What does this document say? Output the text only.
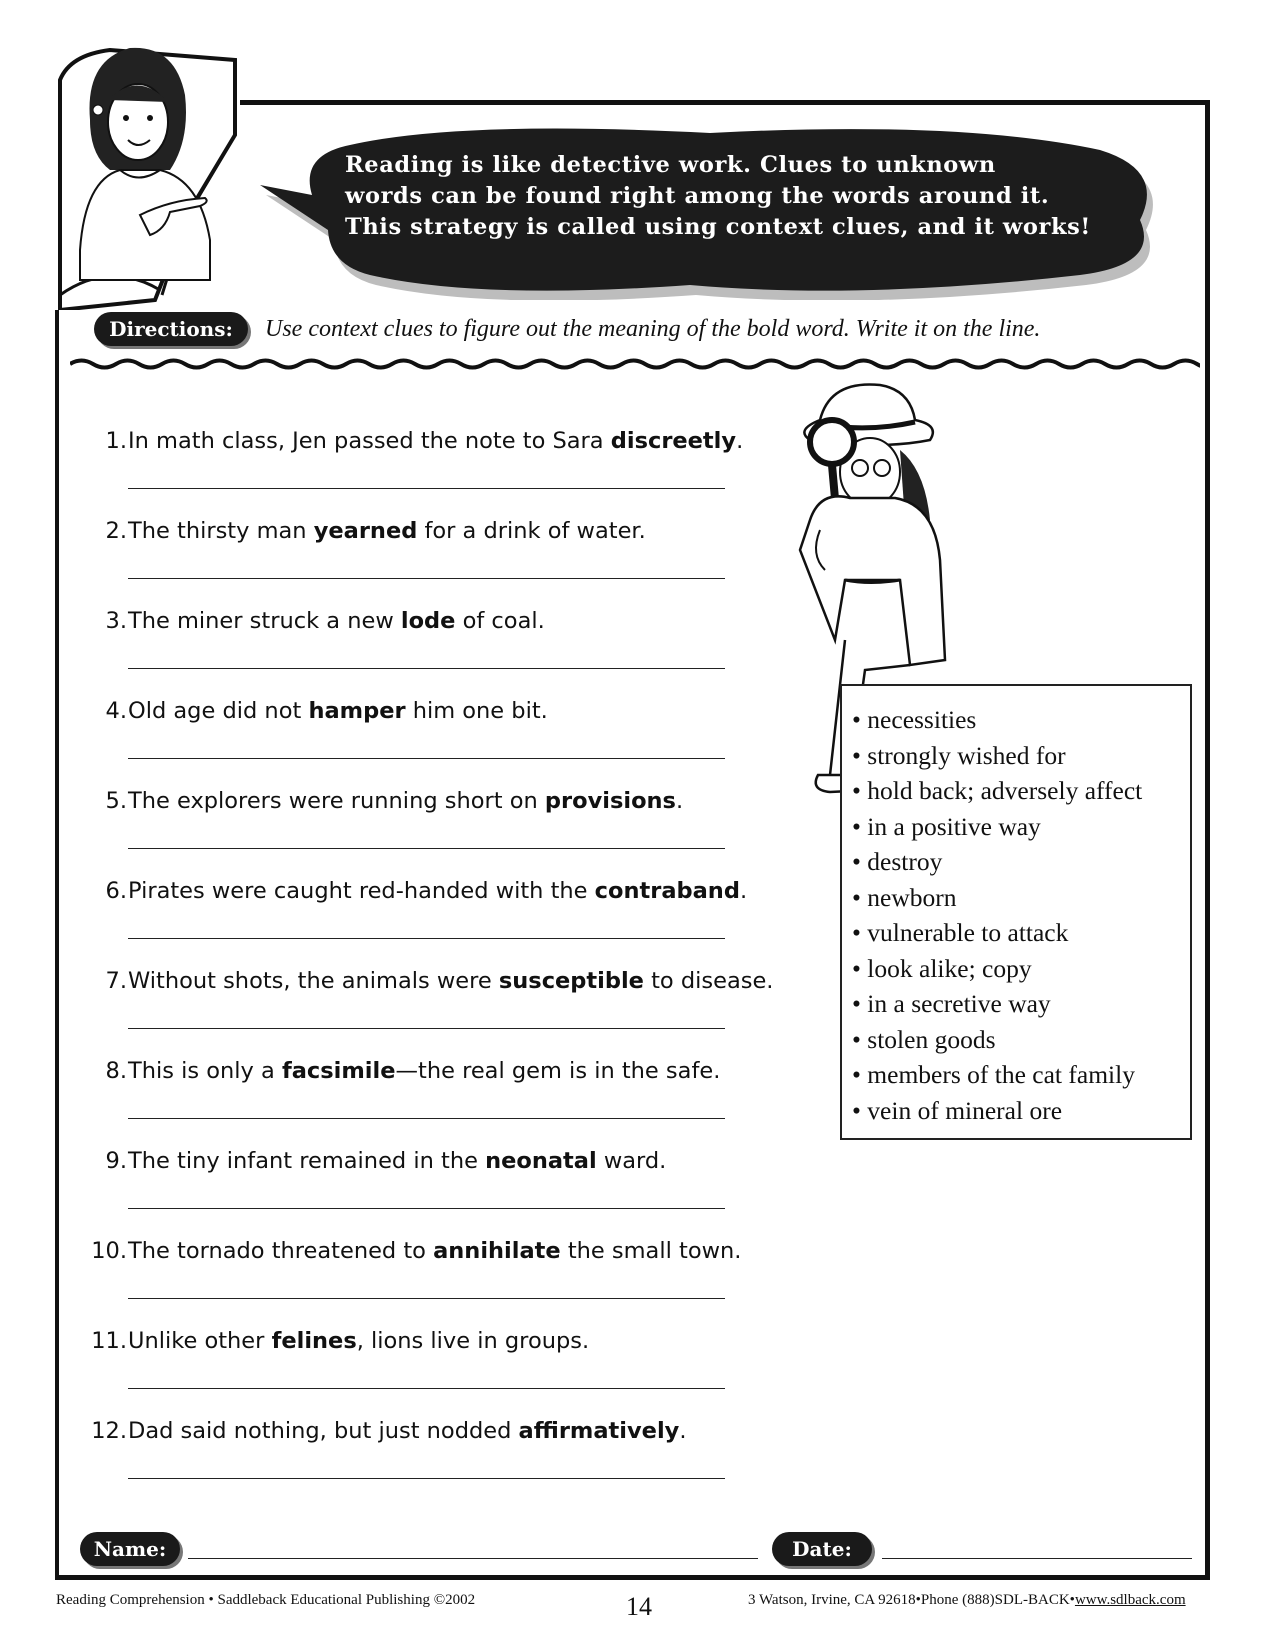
Reading is like detective work. Clues to unknown
words can be found right among the words around it.
This strategy is called using context clues, and it works!
Directions:	Use context clues to figure out the meaning of the bold word. Write it on the line.
1. In math class, Jen passed the note to Sara discreetly.
2. The thirsty man yearned for a drink of water.
3. The miner struck a new lode of coal.
4. Old age did not hamper him one bit.
5. The explorers were running short on provisions.
6. Pirates were caught red-handed with the contraband.
7. Without shots, the animals were susceptible to disease.
8. This is only a facsimile—the real gem is in the safe.
9. The tiny infant remained in the neonatal ward.
10. The tornado threatened to annihilate the small town.
11. Unlike other felines, lions live in groups.
12. Dad said nothing, but just nodded affirmatively.
• necessities
• strongly wished for
• hold back; adversely affect
• in a positive way
• destroy
• newborn
• vulnerable to attack
• look alike; copy
• in a secretive way
• stolen goods
• members of the cat family
• vein of mineral ore
Name:	Date:
Reading Comprehension • Saddleback Educational Publishing ©2002	14	3 Watson, Irvine, CA 92618•Phone (888)SDL-BACK•www.sdlback.com
